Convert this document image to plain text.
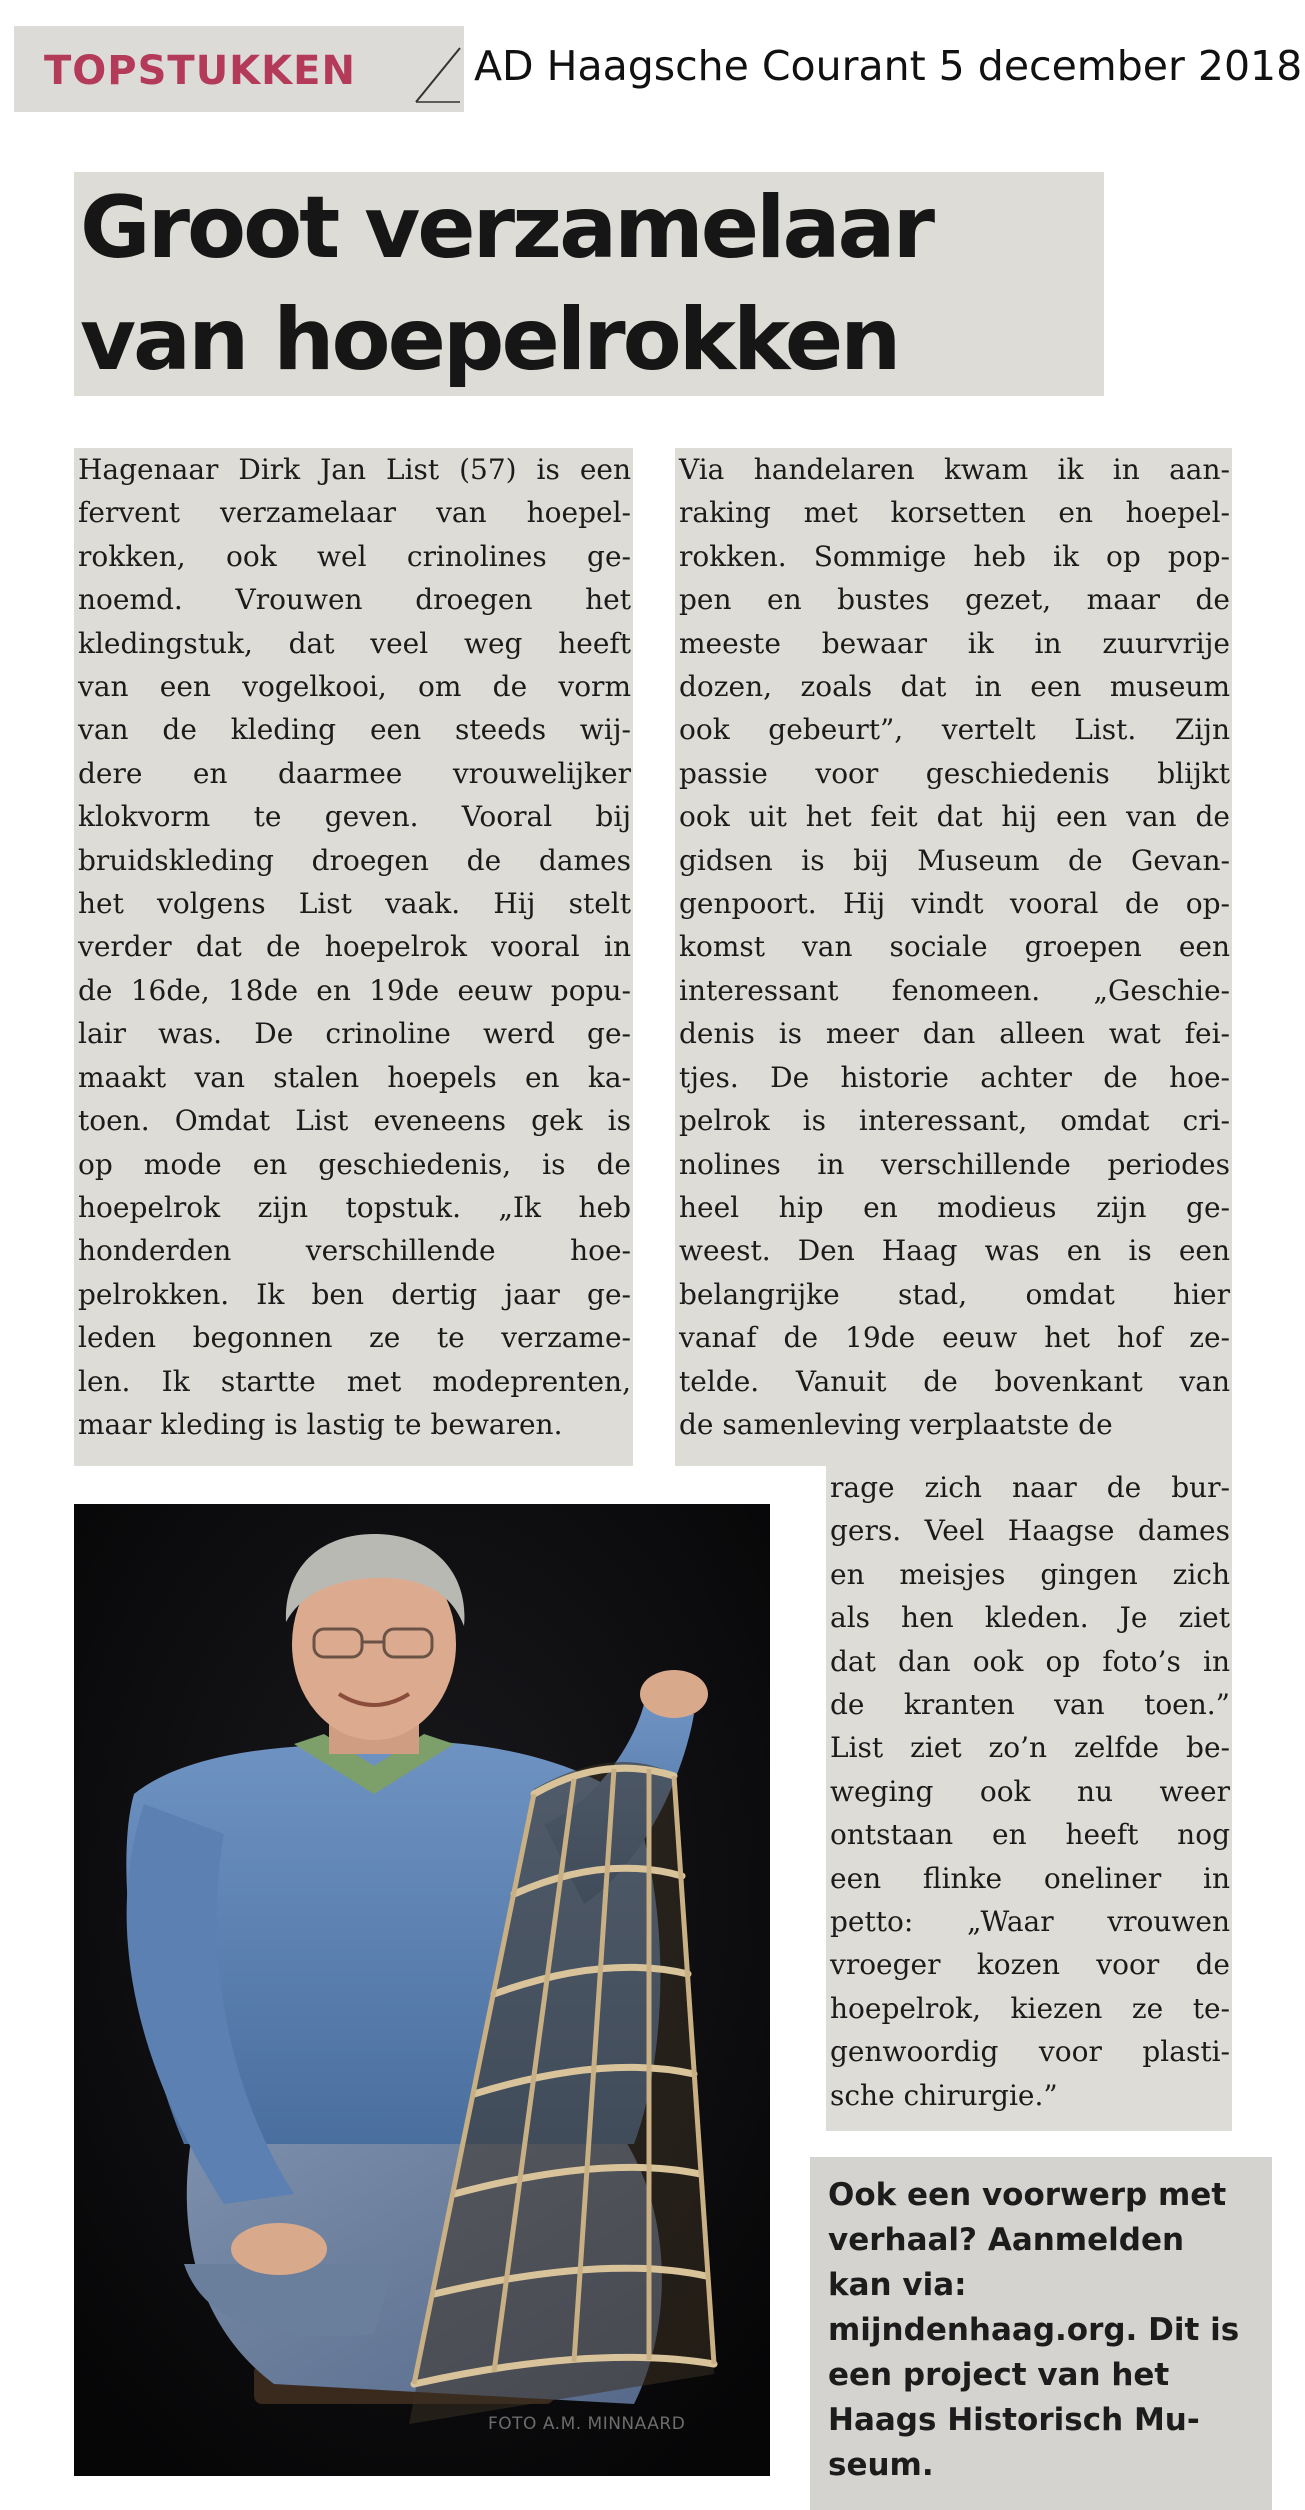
TOPSTUKKEN	AD Haagsche Courant 5 december 2018
Groot verzamelaar
van hoepelrokken
Hagenaar Dirk Jan List (57) is een
fervent verzamelaar van hoepel-
rokken, ook wel crinolines ge-
noemd. Vrouwen droegen het
kledingstuk, dat veel weg heeft
van een vogelkooi, om de vorm
van de kleding een steeds wij-
dere en daarmee vrouwelijker
klokvorm te geven. Vooral bij
bruidskleding droegen de dames
het volgens List vaak. Hij stelt
verder dat de hoepelrok vooral in
de 16de, 18de en 19de eeuw popu-
lair was. De crinoline werd ge-
maakt van stalen hoepels en ka-
toen. Omdat List eveneens gek is
op mode en geschiedenis, is de
hoepelrok zijn topstuk. „Ik heb
honderden verschillende hoe-
pelrokken. Ik ben dertig jaar ge-
leden begonnen ze te verzame-
len. Ik startte met modeprenten,
maar kleding is lastig te bewaren.
Via handelaren kwam ik in aan-
raking met korsetten en hoepel-
rokken. Sommige heb ik op pop-
pen en bustes gezet, maar de
meeste bewaar ik in zuurvrije
dozen, zoals dat in een museum
ook gebeurt”, vertelt List. Zijn
passie voor geschiedenis blijkt
ook uit het feit dat hij een van de
gidsen is bij Museum de Gevan-
genpoort. Hij vindt vooral de op-
komst van sociale groepen een
interessant fenomeen. „Geschie-
denis is meer dan alleen wat fei-
tjes. De historie achter de hoe-
pelrok is interessant, omdat cri-
nolines in verschillende periodes
heel hip en modieus zijn ge-
weest. Den Haag was en is een
belangrijke stad, omdat hier
vanaf de 19de eeuw het hof ze-
telde. Vanuit de bovenkant van
de samenleving verplaatste de
rage zich naar de bur-
gers. Veel Haagse dames
en meisjes gingen zich
als hen kleden. Je ziet
dat dan ook op foto’s in
de kranten van toen.”
List ziet zo’n zelfde be-
weging ook nu weer
ontstaan en heeft nog
een flinke oneliner in
petto: „Waar vrouwen
vroeger kozen voor de
hoepelrok, kiezen ze te-
genwoordig voor plasti-
sche chirurgie.”
FOTO A.M. MINNAARD
Ook een voorwerp met
verhaal? Aanmelden
kan via:
mijndenhaag.org. Dit is
een project van het
Haags Historisch Mu-
seum.
